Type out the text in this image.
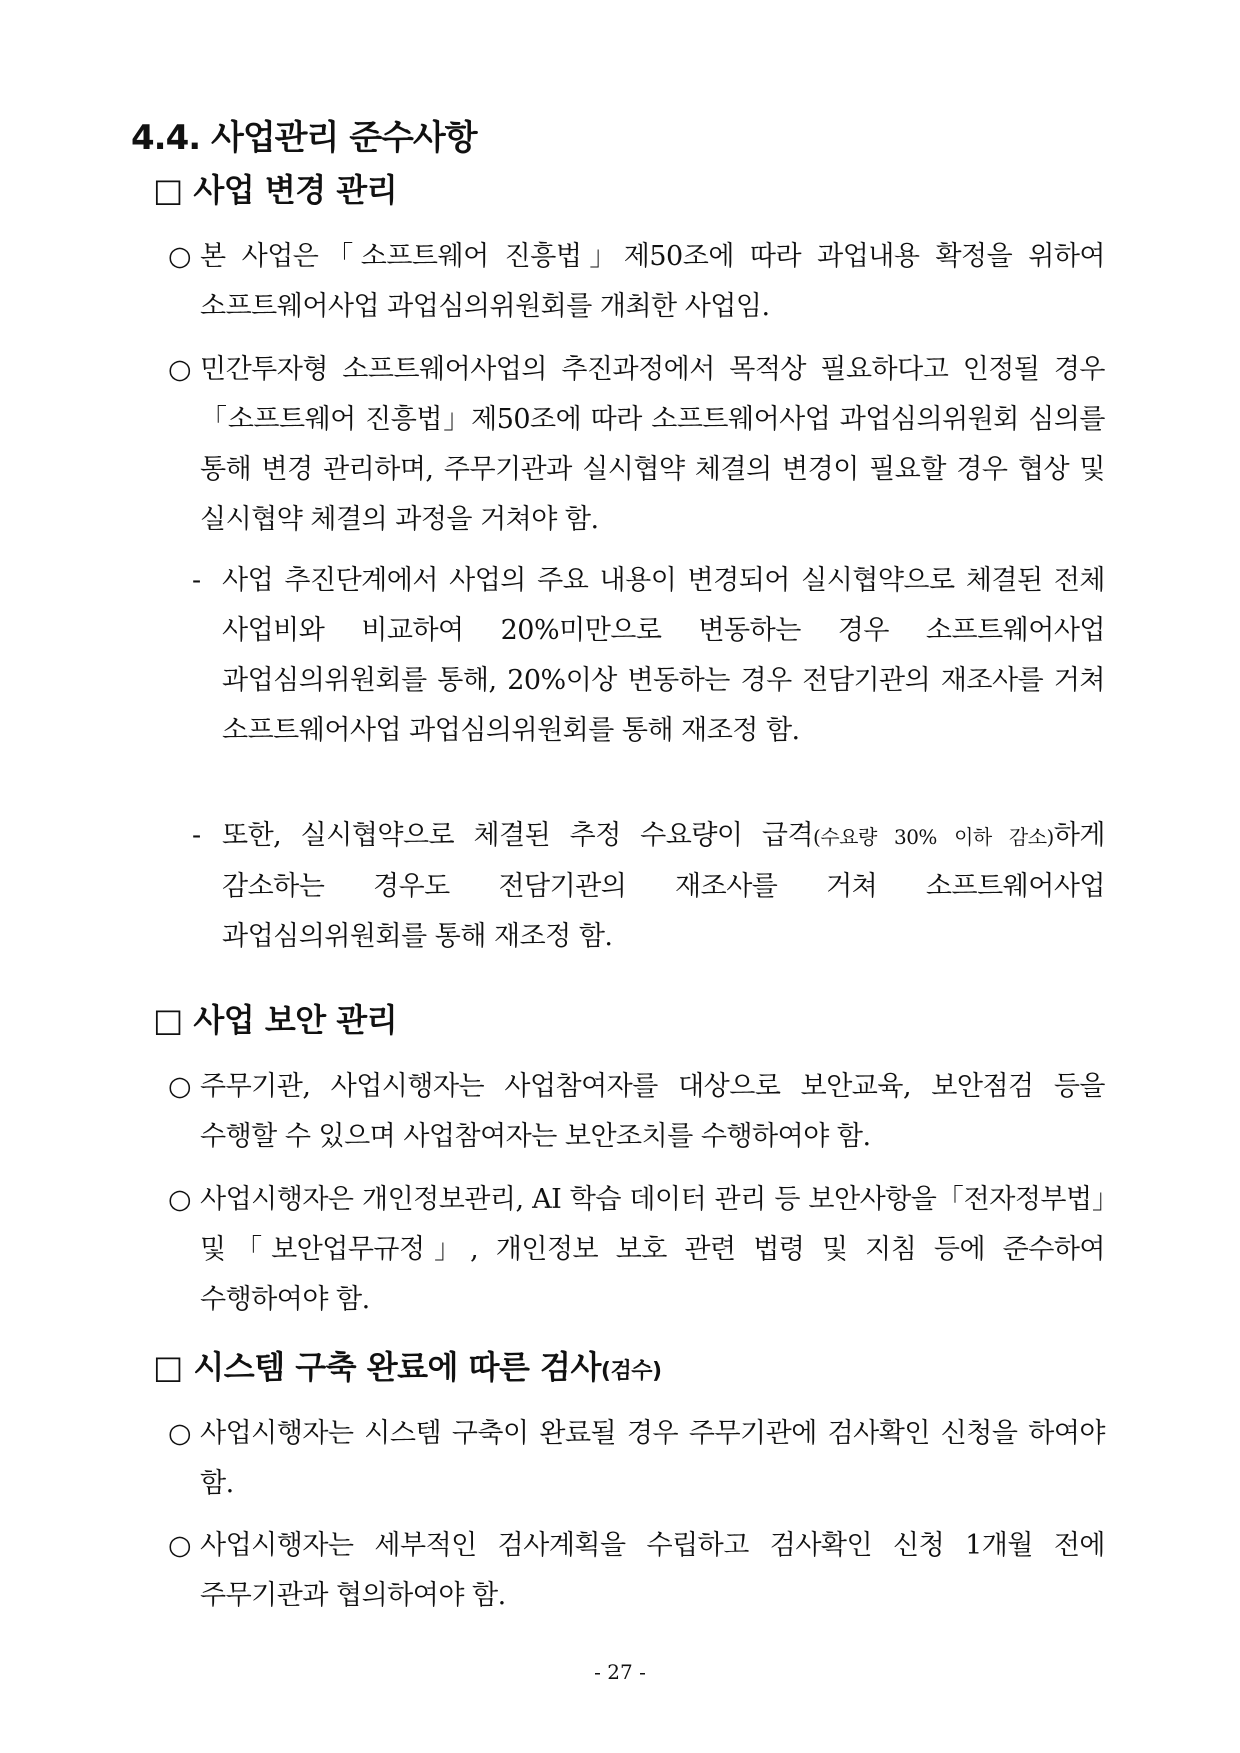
4.4. 사업관리 준수사항
□ 사업 변경 관리
○ 본 사업은「소프트웨어 진흥법」제50조에 따라 과업내용 확정을 위하여 소프트웨어사업 과업심의위원회를 개최한 사업임.
○ 민간투자형 소프트웨어사업의 추진과정에서 목적상 필요하다고 인정될 경우「소프트웨어 진흥법」제50조에 따라 소프트웨어사업 과업심의위원회 심의를 통해 변경 관리하며, 주무기관과 실시협약 체결의 변경이 필요할 경우 협상 및 실시협약 체결의 과정을 거쳐야 함.
- 사업 추진단계에서 사업의 주요 내용이 변경되어 실시협약으로 체결된 전체 사업비와 비교하여 20%미만으로 변동하는 경우 소프트웨어사업 과업심의위원회를 통해, 20%이상 변동하는 경우 전담기관의 재조사를 거쳐 소프트웨어사업 과업심의위원회를 통해 재조정 함.
- 또한, 실시협약으로 체결된 추정 수요량이 급격(수요량 30% 이하 감소)하게 감소하는 경우도 전담기관의 재조사를 거쳐 소프트웨어사업 과업심의위원회를 통해 재조정 함.
□ 사업 보안 관리
○ 주무기관, 사업시행자는 사업참여자를 대상으로 보안교육, 보안점검 등을 수행할 수 있으며 사업참여자는 보안조치를 수행하여야 함.
○ 사업시행자은 개인정보관리, AI 학습 데이터 관리 등 보안사항을「전자정부법」및「보안업무규정」, 개인정보 보호 관련 법령 및 지침 등에 준수하여 수행하여야 함.
□ 시스템 구축 완료에 따른 검사(검수)
○ 사업시행자는 시스템 구축이 완료될 경우 주무기관에 검사확인 신청을 하여야 함.
○ 사업시행자는 세부적인 검사계획을 수립하고 검사확인 신청 1개월 전에 주무기관과 협의하여야 함.
- 27 -
